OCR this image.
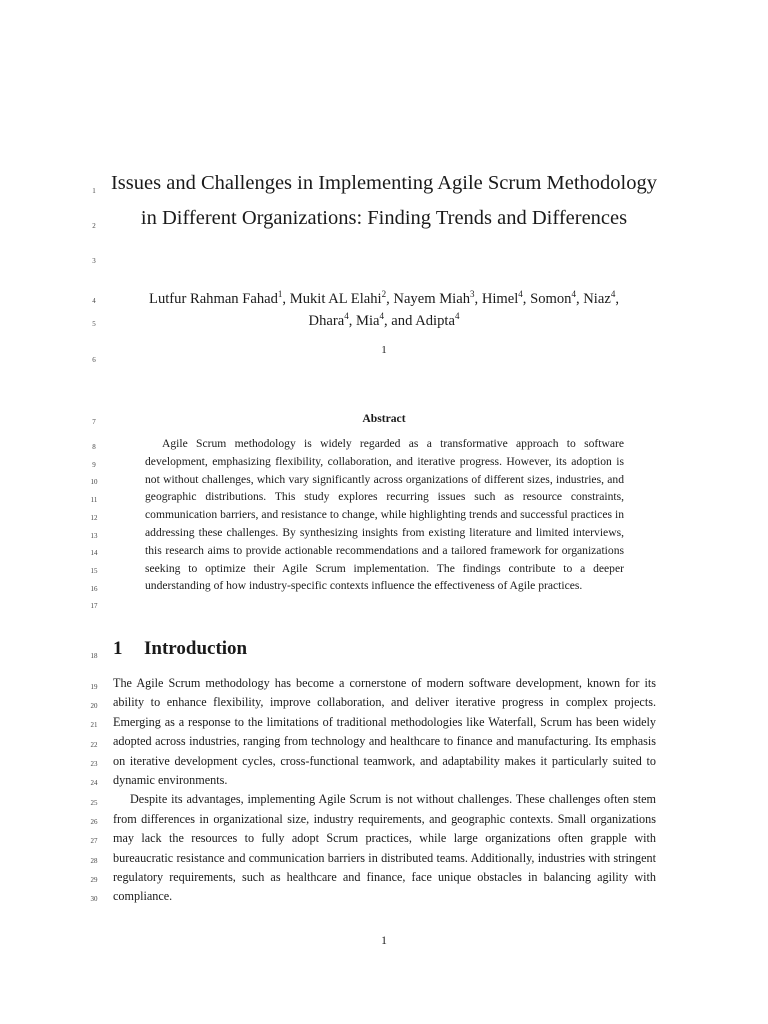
1
2
3
4
5
6
7
8
9
10
11
12
13
14
15
16
17
18
19
20
21
22
23
24
25
26
27
28
29
30
Issues and Challenges in Implementing Agile Scrum Methodology in Different Organizations: Finding Trends and Differences
Lutfur Rahman Fahad$^1$, Mukit AL Elahi$^2$, Nayem Miah$^3$, Himel$^4$, Somon$^4$, Niaz$^4$,
Dhara$^4$, Mia$^4$, and Adipta$^4$
1
Abstract

Agile Scrum methodology is widely regarded as a transformative approach to software development, emphasizing flexibility, collaboration, and iterative progress. However, its adoption is not without challenges, which vary significantly across organizations of different sizes, industries, and geographic distributions. This study explores recurring issues such as resource constraints, communication barriers, and resistance to change, while highlighting trends and successful practices in addressing these challenges. By synthesizing insights from existing literature and limited interviews, this research aims to provide actionable recommendations and a tailored framework for organizations seeking to optimize their Agile Scrum implementation. The findings contribute to a deeper understanding of how industry-specific contexts influence the effectiveness of Agile practices.

1 Introduction

The Agile Scrum methodology has become a cornerstone of modern software development, known for its ability to enhance flexibility, improve collaboration, and deliver iterative progress in complex projects. Emerging as a response to the limitations of traditional methodologies like Waterfall, Scrum has been widely adopted across industries, ranging from technology and healthcare to finance and manufacturing. Its emphasis on iterative development cycles, cross-functional teamwork, and adaptability makes it particularly suited to dynamic environments.

Despite its advantages, implementing Agile Scrum is not without challenges. These challenges often stem from differences in organizational size, industry requirements, and geographic contexts. Small organizations may lack the resources to fully adopt Scrum practices, while large organizations often grapple with bureaucratic resistance and communication barriers in distributed teams. Additionally, industries with stringent regulatory requirements, such as healthcare and finance, face unique obstacles in balancing agility with compliance.

1
